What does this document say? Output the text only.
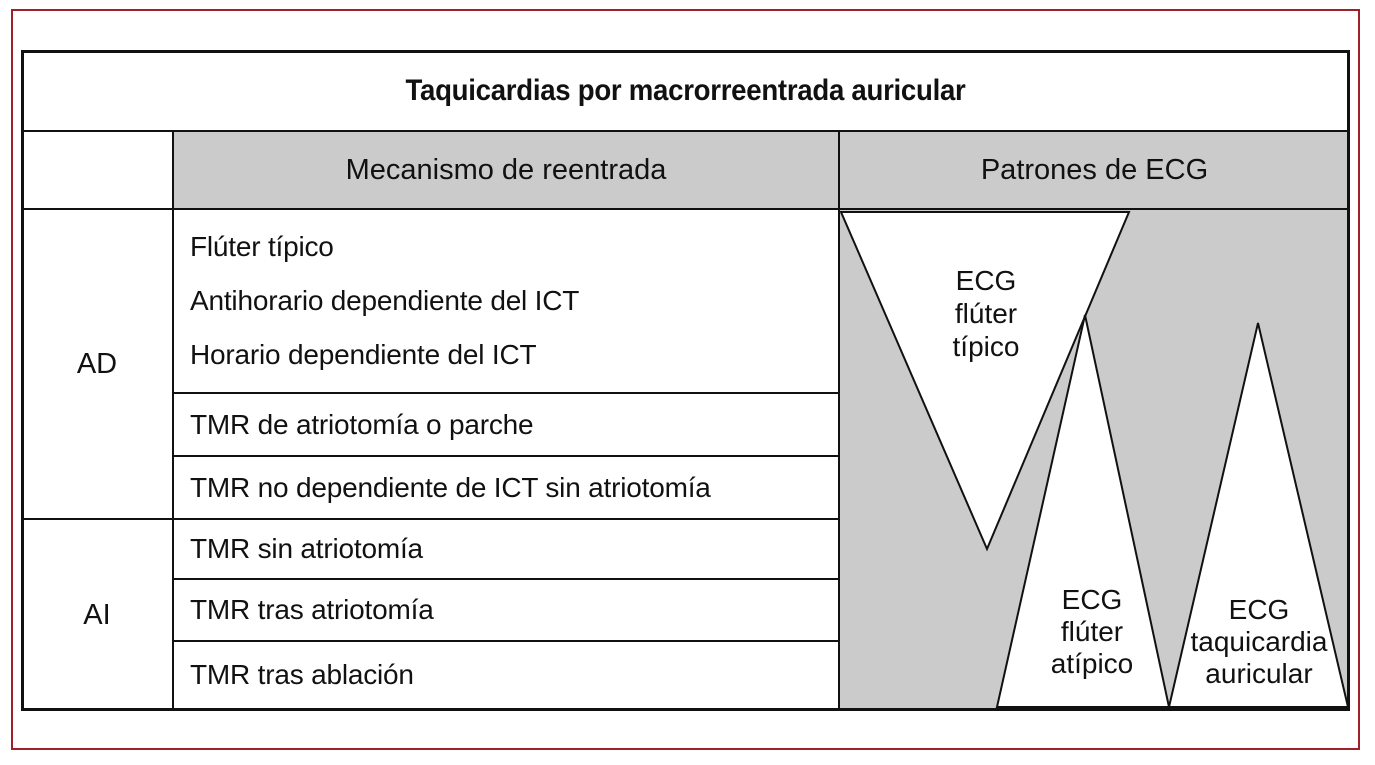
Taquicardias por macrorreentrada auricular
Mecanismo de reentrada	Patrones de ECG
AD
AI
Flúter típico
Antihorario dependiente del ICT
Horario dependiente del ICT
TMR de atriotomía o parche
TMR no dependiente de ICT sin atriotomía
TMR sin atriotomía
TMR tras atriotomía
TMR tras ablación
ECG
flúter
típico
ECG
flúter
atípico
ECG
taquicardia
auricular
